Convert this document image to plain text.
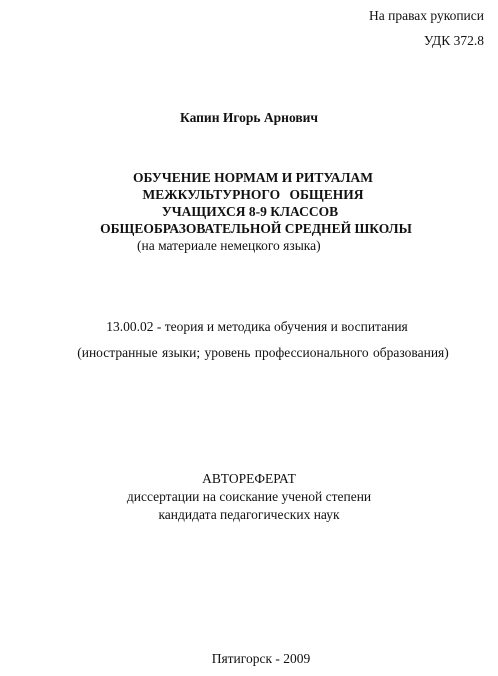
На правах рукописи
УДК 372.8
Капин Игорь Арнович
ОБУЧЕНИЕ НОРМАМ И РИТУАЛАМ
МЕЖКУЛЬТУРНОГО ОБЩЕНИЯ
УЧАЩИХСЯ 8-9 КЛАССОВ
ОБЩЕОБРАЗОВАТЕЛЬНОЙ СРЕДНЕЙ ШКОЛЫ
(на материале немецкого языка)
13.00.02 - теория и методика обучения и воспитания
(иностранные языки; уровень профессионального образования)
АВТОРЕФЕРАТ
диссертации на соискание ученой степени
кандидата педагогических наук
Пятигорск - 2009
